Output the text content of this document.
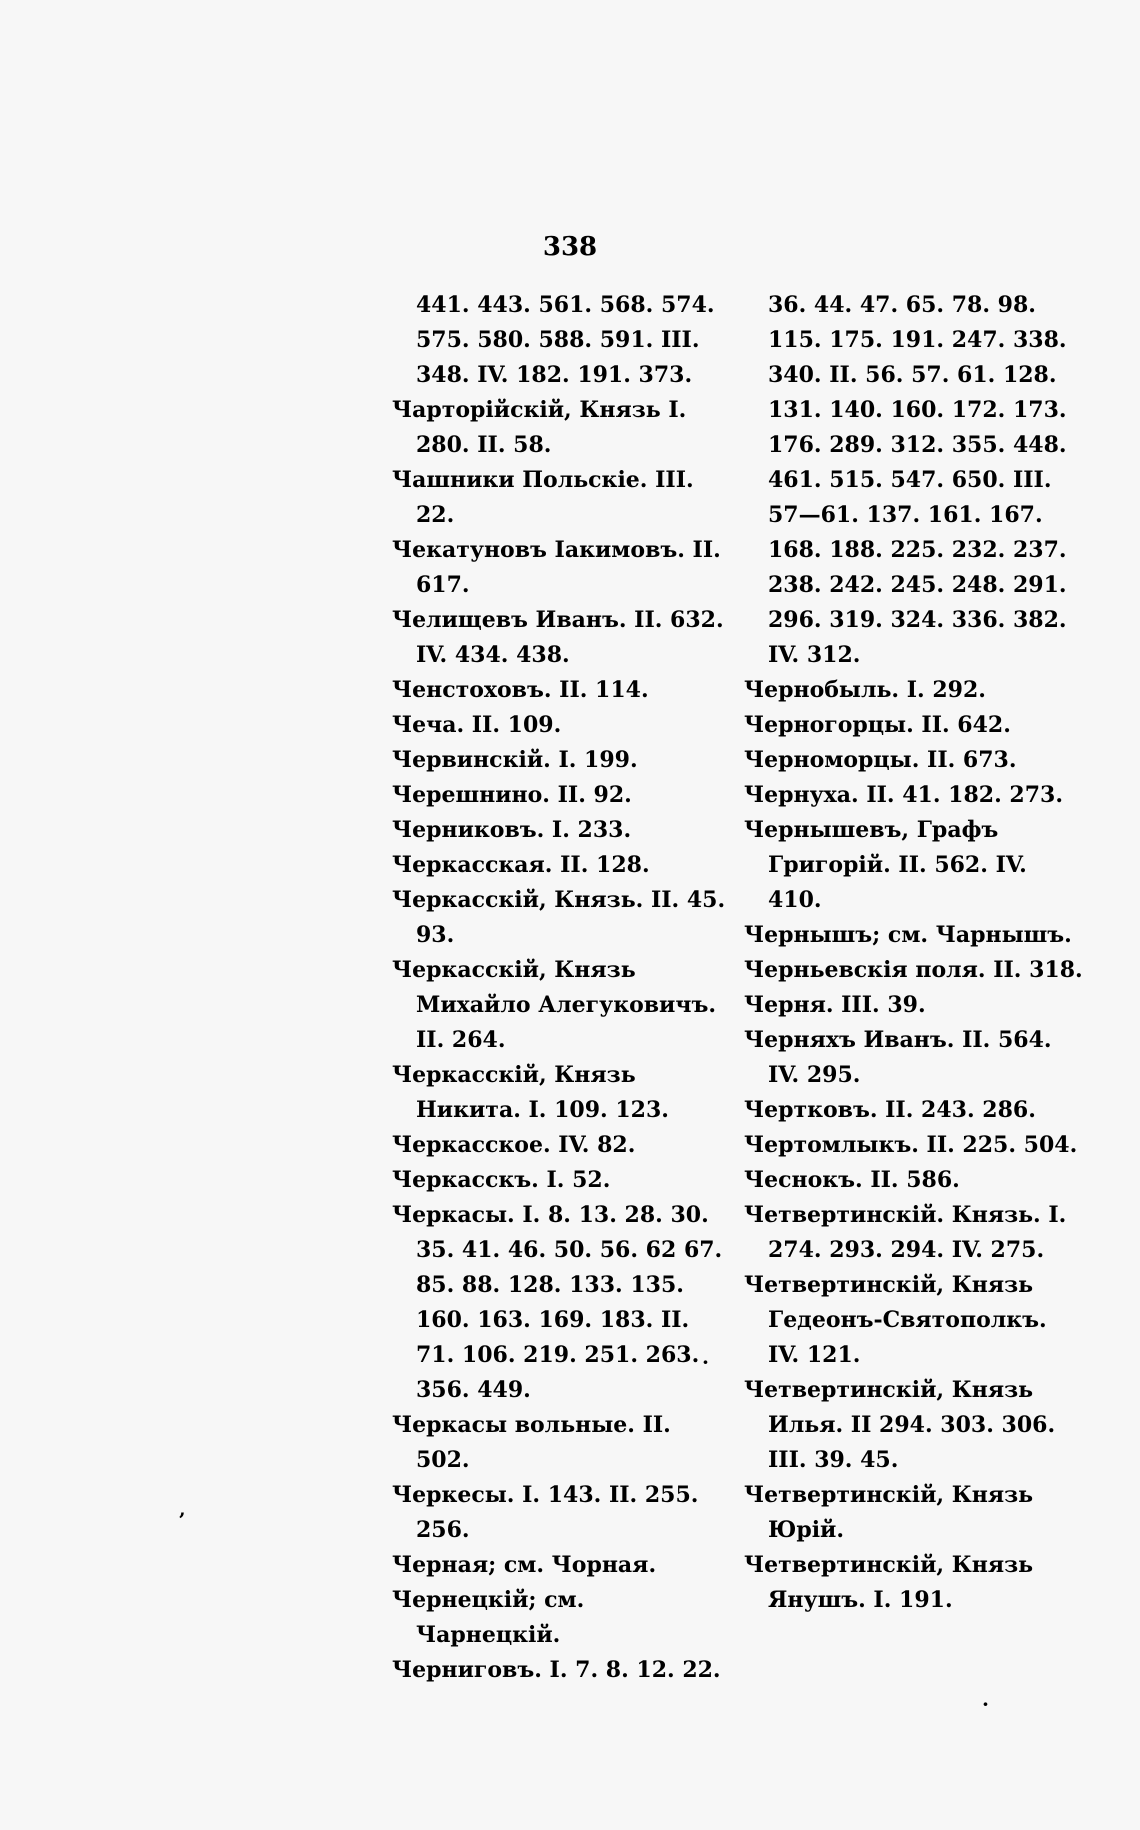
338
441. 443. 561. 568. 574. 575. 580. 588. 591. III. 348. IV. 182. 191. 373.
Чарторійскій, Князь I. 280. II. 58.
Чашники Польскіе. III. 22.
Чекатуновъ Іакимовъ. II. 617.
Челищевъ Иванъ. II. 632. IV. 434. 438.
Ченстоховъ. II. 114.
Чеча. II. 109.
Червинскій. I. 199.
Черешнино. II. 92.
Черниковъ. I. 233.
Черкасская. II. 128.
Черкасскій, Князь. II. 45. 93.
Черкасскій, Князь Михайло Алегуковичъ. II. 264.
Черкасскій, Князь Никита. I. 109. 123.
Черкасское. IV. 82.
Черкасскъ. I. 52.
Черкасы. I. 8. 13. 28. 30. 35. 41. 46. 50. 56. 62 67. 85. 88. 128. 133. 135. 160. 163. 169. 183. II. 71. 106. 219. 251. 263. 356. 449.
Черкасы вольные. II. 502.
Черкесы. I. 143. II. 255. 256.
Черная; см. Чорная.
Чернецкій; см. Чарнецкій.
Черниговъ. I. 7. 8. 12. 22.
36. 44. 47. 65. 78. 98. 115. 175. 191. 247. 338. 340. II. 56. 57. 61. 128. 131. 140. 160. 172. 173. 176. 289. 312. 355. 448. 461. 515. 547. 650. III. 57—61. 137. 161. 167. 168. 188. 225. 232. 237. 238. 242. 245. 248. 291. 296. 319. 324. 336. 382. IV. 312.
Чернобыль. I. 292.
Черногорцы. II. 642.
Черноморцы. II. 673.
Чернуха. II. 41. 182. 273.
Чернышевъ, Графъ Григорій. II. 562. IV. 410.
Чернышъ; см. Чарнышъ.
Черньевскія поля. II. 318.
Черня. III. 39.
Черняхъ Иванъ. II. 564. IV. 295.
Чертковъ. II. 243. 286.
Чертомлыкъ. II. 225. 504.
Чеснокъ. II. 586.
Четвертинскій. Князь. I. 274. 293. 294. IV. 275.
Четвертинскій, Князь Гедеонъ-Святополкъ. IV. 121.
Четвертинскій, Князь Илья. II 294. 303. 306. III. 39. 45.
Четвертинскій, Князь Юрій.
Четвертинскій, Князь Янушъ. I. 191.
·
ʼ
·
